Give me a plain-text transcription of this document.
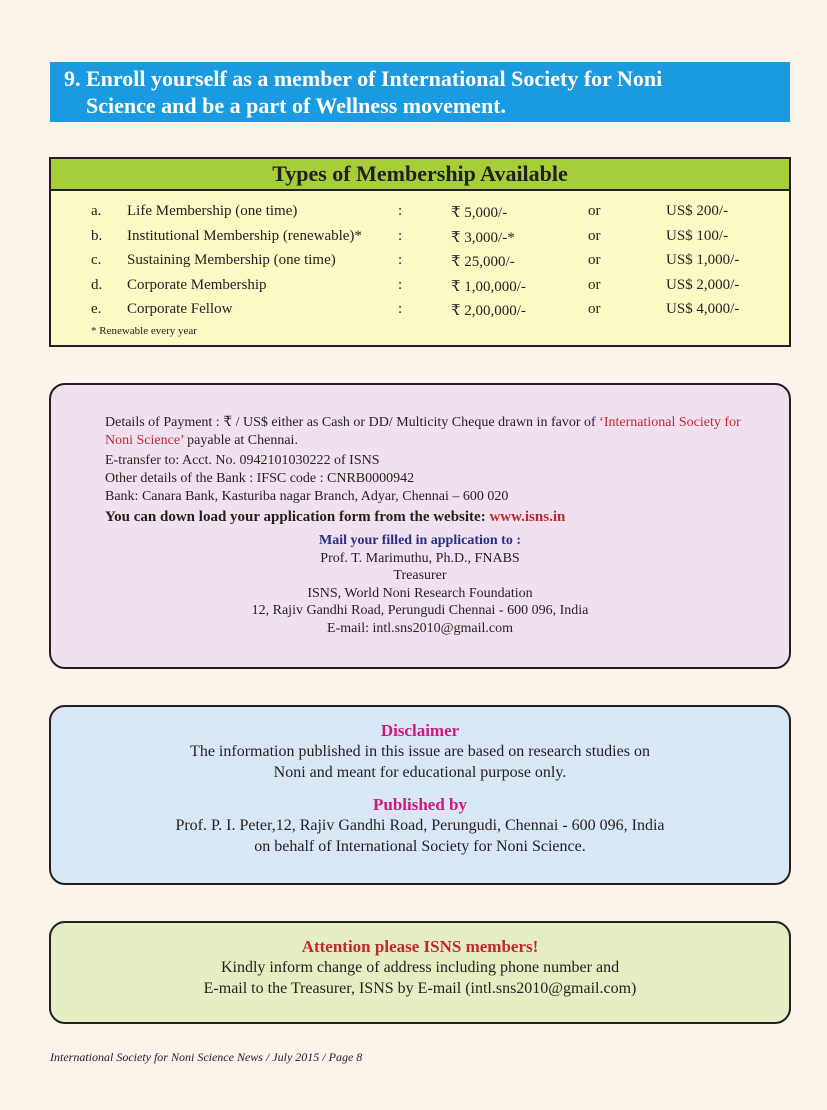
9. Enroll yourself as a member of International Society for Noni
Science and be a part of Wellness movement.
Types of Membership Available
a. Life Membership (one time)	:	₹ 5,000/-	or	US$ 200/-
b. Institutional Membership (renewable)* :	₹ 3,000/-*	or	US$ 100/-
c. Sustaining Membership (one time)	:	₹ 25,000/-	or	US$ 1,000/-
d. Corporate Membership	:	₹ 1,00,000/-	or	US$ 2,000/-
e. Corporate Fellow	:	₹ 2,00,000/-	or	US$ 4,000/-
* Renewable every year

Details of Payment : ₹ / US$ either as Cash or DD/ Multicity Cheque drawn in favor of ‘International Society for Noni Science’ payable at Chennai.

E-transfer to: Acct. No. 0942101030222 of ISNS

Other details of the Bank : IFSC code : CNRB0000942

Bank: Canara Bank, Kasturiba nagar Branch, Adyar, Chennai – 600 020

You can down load your application form from the website: www.isns.in

Mail your filled in application to :

Prof. T. Marimuthu, Ph.D., FNABS

Treasurer

ISNS, World Noni Research Foundation

12, Rajiv Gandhi Road, Perungudi Chennai - 600 096, India

E-mail: intl.sns2010@gmail.com

Disclaimer

The information published in this issue are based on research studies on

Noni and meant for educational purpose only.

Published by

Prof. P. I. Peter,12, Rajiv Gandhi Road, Perungudi, Chennai - 600 096, India

on behalf of International Society for Noni Science.

Attention please ISNS members!

Kindly inform change of address including phone number and

E-mail to the Treasurer, ISNS by E-mail (intl.sns2010@gmail.com)

International Society for Noni Science News / July 2015 / Page 8
